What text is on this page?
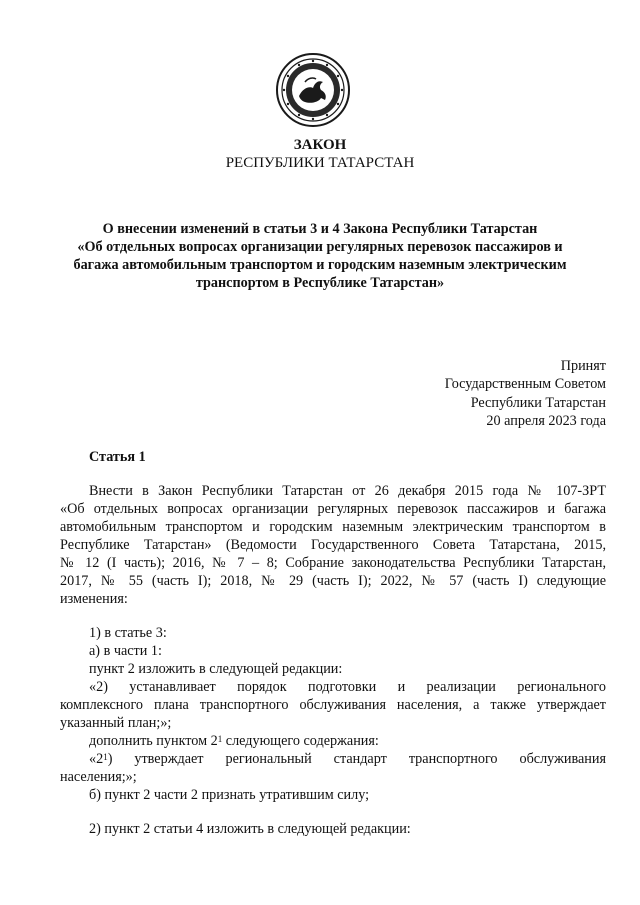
ЗАКОН
РЕСПУБЛИКИ ТАТАРСТАН
О внесении изменений в статьи 3 и 4 Закона Республики Татарстан
«Об отдельных вопросах организации регулярных перевозок пассажиров и
багажа автомобильным транспортом и городским наземным электрическим
транспортом в Республике Татарстан»
Принят
Государственным Советом
Республики Татарстан
20 апреля 2023 года
Статья 1
Внести в Закон Республики Татарстан от 26 декабря 2015 года № 107-ЗРТ
«Об отдельных вопросах организации регулярных перевозок пассажиров и багажа
автомобильным транспортом и городским наземным электрическим транспортом в
Республике Татарстан» (Ведомости Государственного Совета Татарстана, 2015,
№ 12 (I часть); 2016, № 7 – 8; Собрание законодательства Республики Татарстан,
2017, № 55 (часть I); 2018, № 29 (часть I); 2022, № 57 (часть I) следующие
изменения:
1) в статье 3:
а) в части 1:
пункт 2 изложить в следующей редакции:
«2) устанавливает порядок подготовки и реализации регионального
комплексного плана транспортного обслуживания населения, а также утверждает
указанный план;»;
дополнить пунктом $2^1$ следующего содержания:
«$2^1$) утверждает региональный стандарт транспортного обслуживания
населения;»;
б) пункт 2 части 2 признать утратившим силу;
2) пункт 2 статьи 4 изложить в следующей редакции:
